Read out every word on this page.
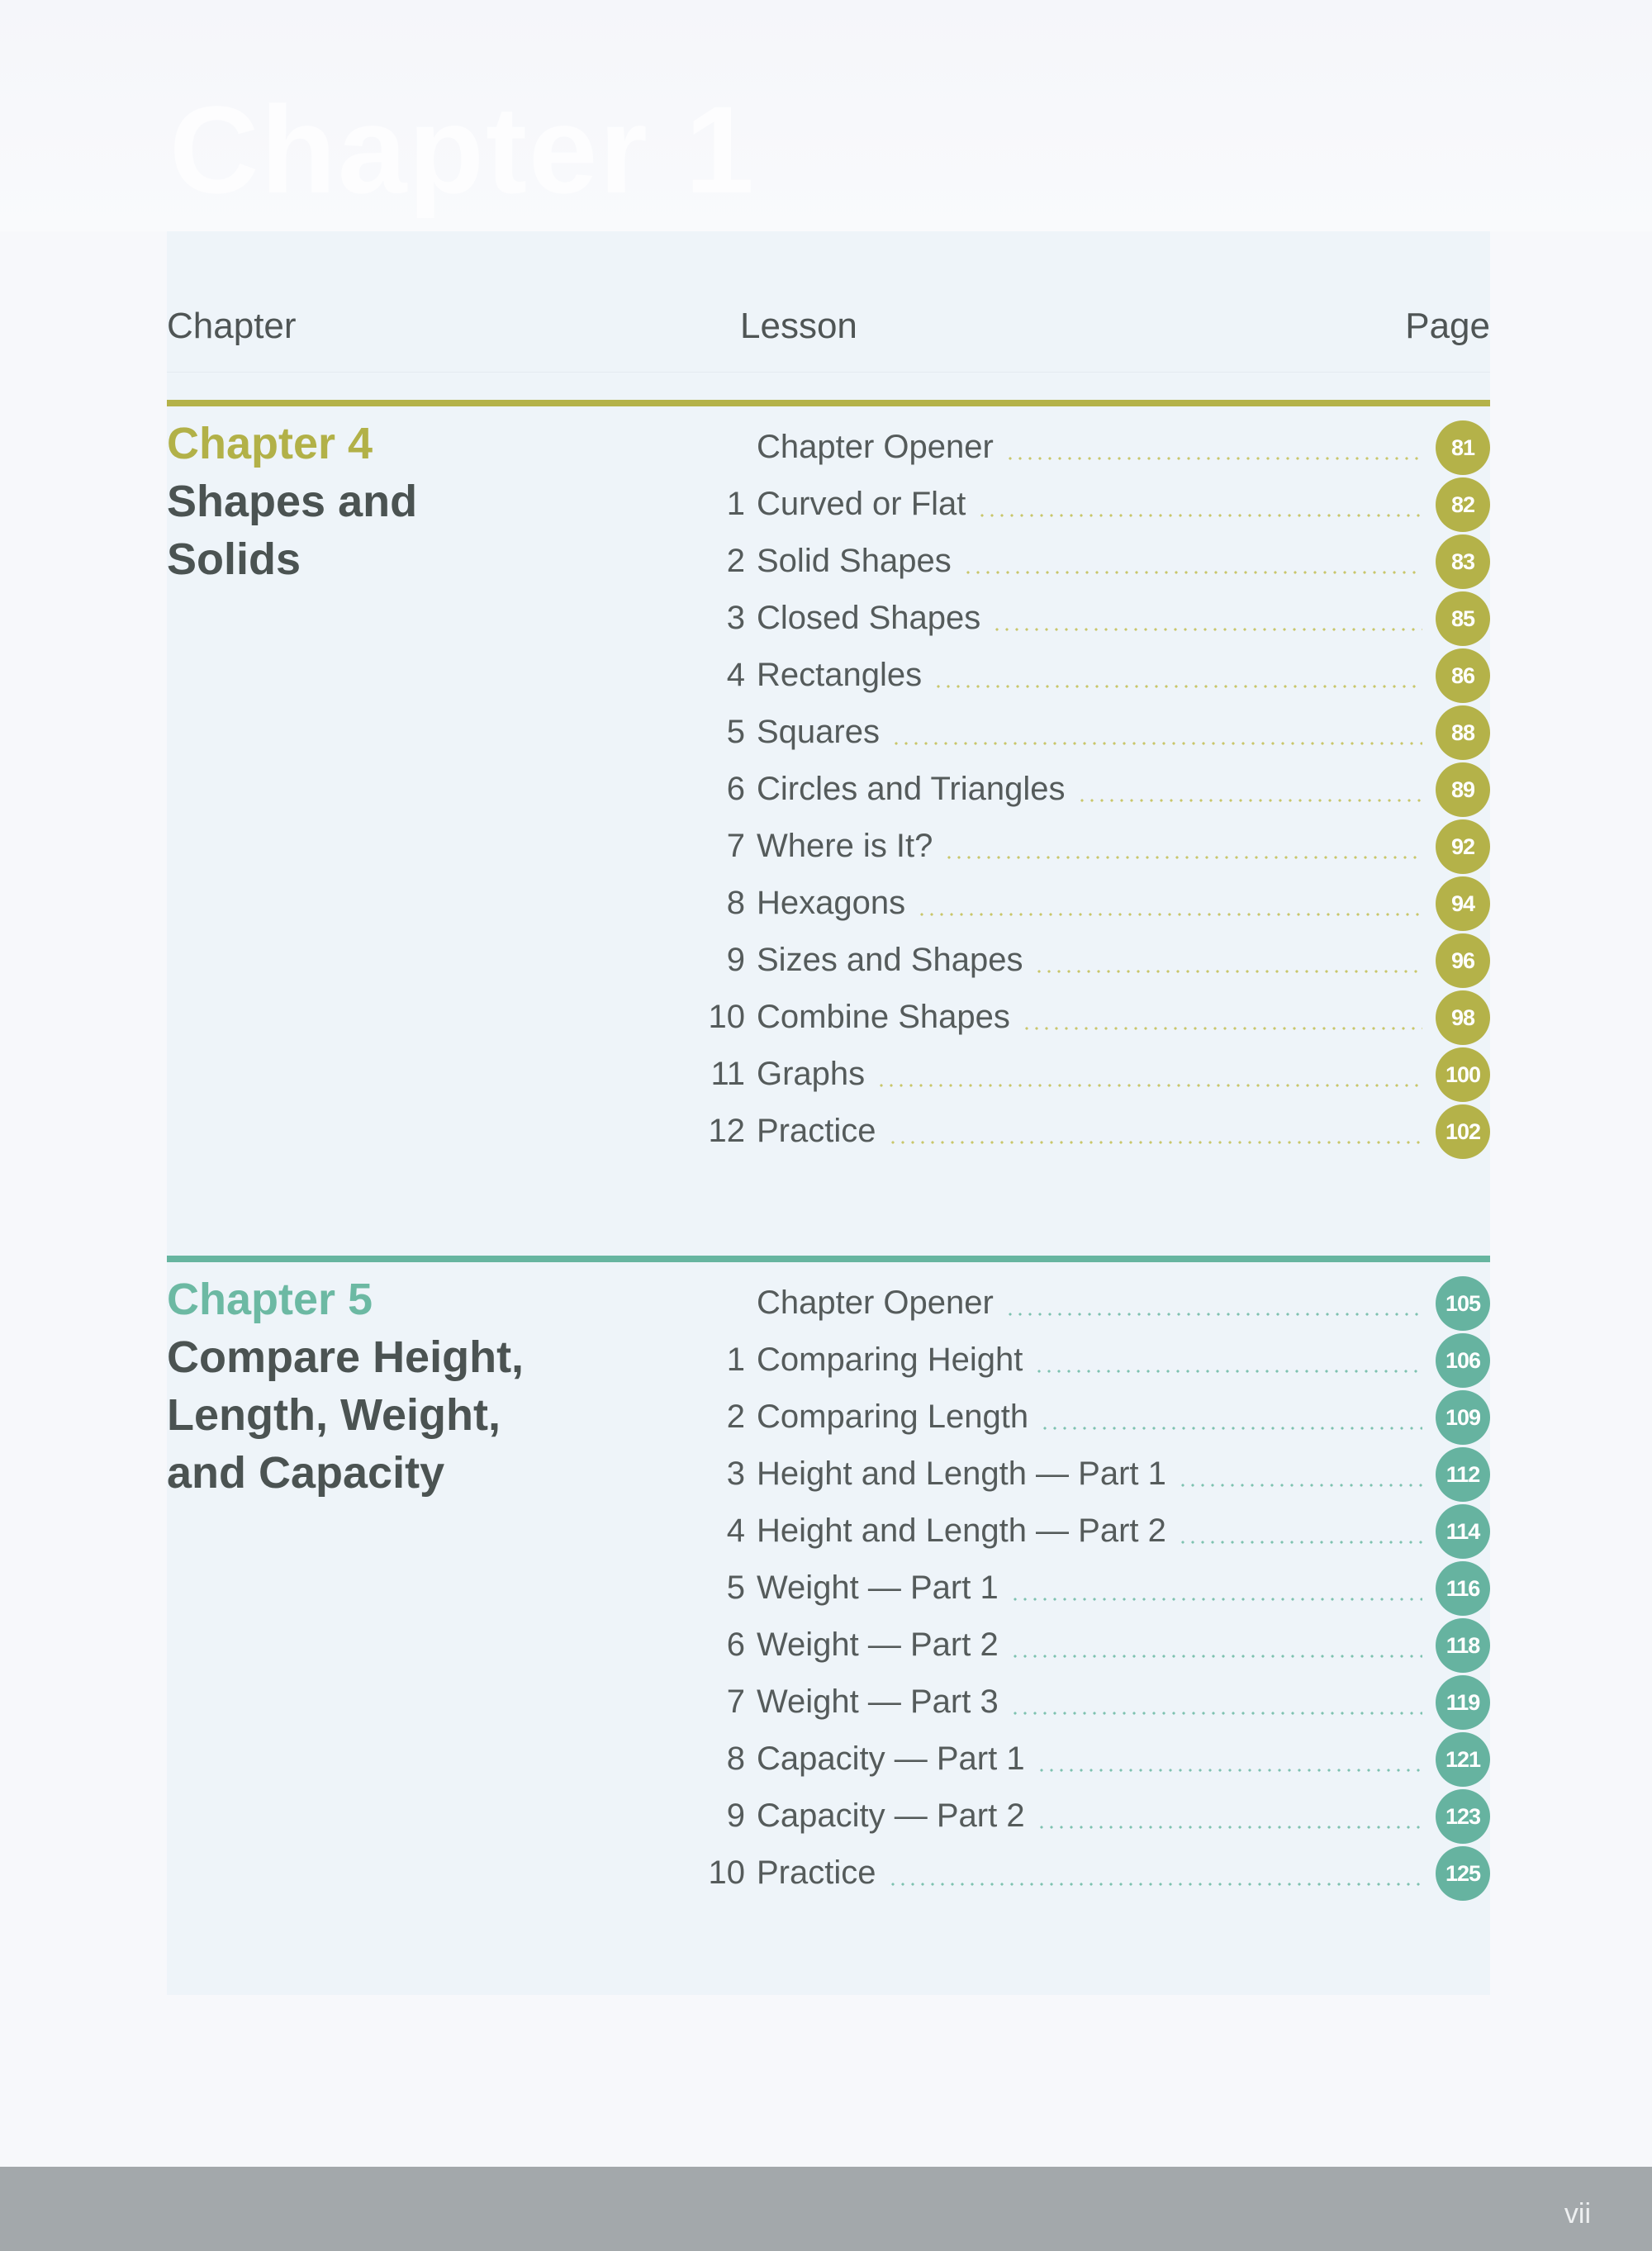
Chapter 1
Chapter	Lesson	Page
Chapter 4
Shapes and Solids
Chapter Opener	81
1 Curved or Flat	82
2 Solid Shapes	83
3 Closed Shapes	85
4 Rectangles	86
5 Squares	88
6 Circles and Triangles	89
7 Where is It?	92
8 Hexagons	94
9 Sizes and Shapes	96
10 Combine Shapes	98
11 Graphs	100
12 Practice	102
Chapter 5
Compare Height, Length, Weight, and Capacity
Chapter Opener	105
1 Comparing Height	106
2 Comparing Length	109
3 Height and Length — Part 1	112
4 Height and Length — Part 2	114
5 Weight — Part 1	116
6 Weight — Part 2	118
7 Weight — Part 3	119
8 Capacity — Part 1	121
9 Capacity — Part 2	123
10 Practice	125
vii
